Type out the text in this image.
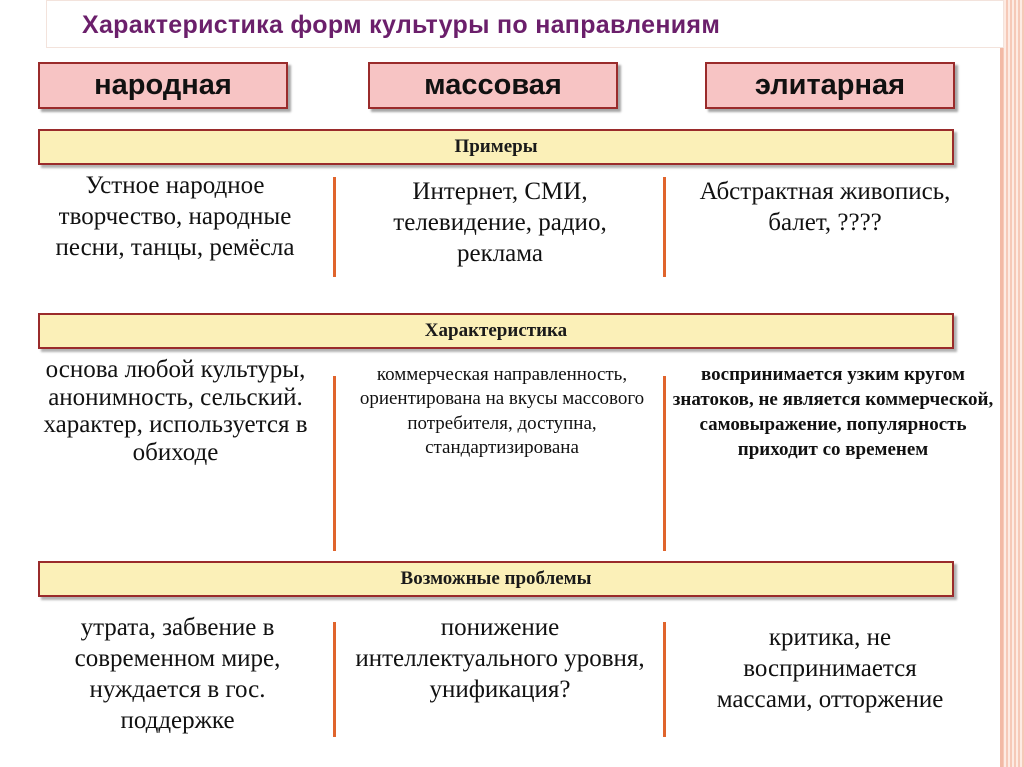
Характеристика форм культуры по направлениям
народная	массовая	элитарная
Примеры
Устное народное творчество, народные песни, танцы, ремёсла
Интернет, СМИ, телевидение, радио, реклама
Абстрактная живопись, балет, ????
Характеристика
основа любой культуры, анонимность, сельский. характер, используется в обиходе
коммерческая направленность, ориентирована на вкусы массового потребителя, доступна, стандартизирована
воспринимается узким кругом знатоков, не является коммерческой, самовыражение, популярность приходит со временем
Возможные проблемы
утрата, забвение в современном мире, нуждается в гос. поддержке
понижение интеллектуального уровня, унификация?
критика, не воспринимается массами, отторжение
